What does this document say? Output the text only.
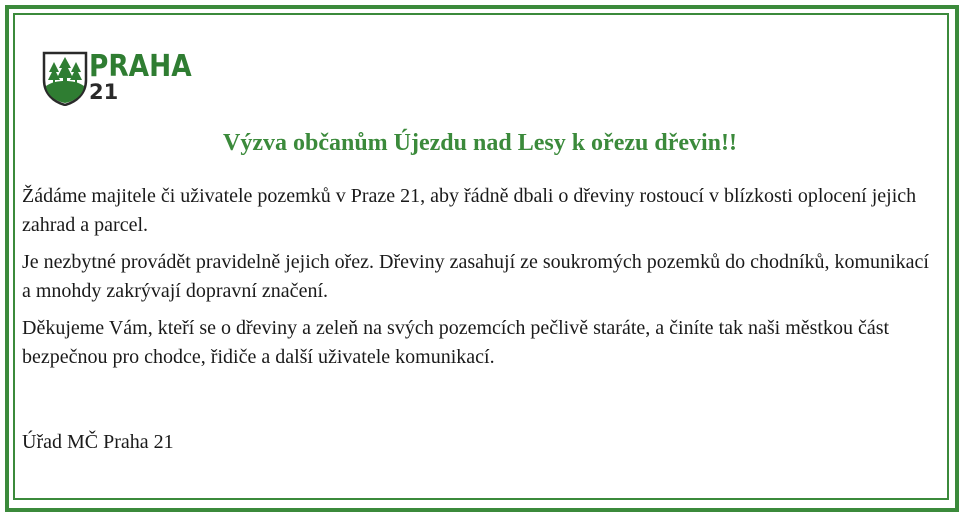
PRAHA
21
Výzva občanům Újezdu nad Lesy k ořezu dřevin!!

Žádáme majitele či uživatele pozemků v Praze 21, aby řádně dbali o dřeviny rostoucí v blízkosti oplocení jejich zahrad a parcel.

Je nezbytné provádět pravidelně jejich ořez. Dřeviny zasahují ze soukromých pozemků do chodníků, komunikací a mnohdy zakrývají dopravní značení.

Děkujeme Vám, kteří se o dřeviny a zeleň na svých pozemcích pečlivě staráte, a činíte tak naši městkou část bezpečnou pro chodce, řidiče a další uživatele komunikací.

Úřad MČ Praha 21
